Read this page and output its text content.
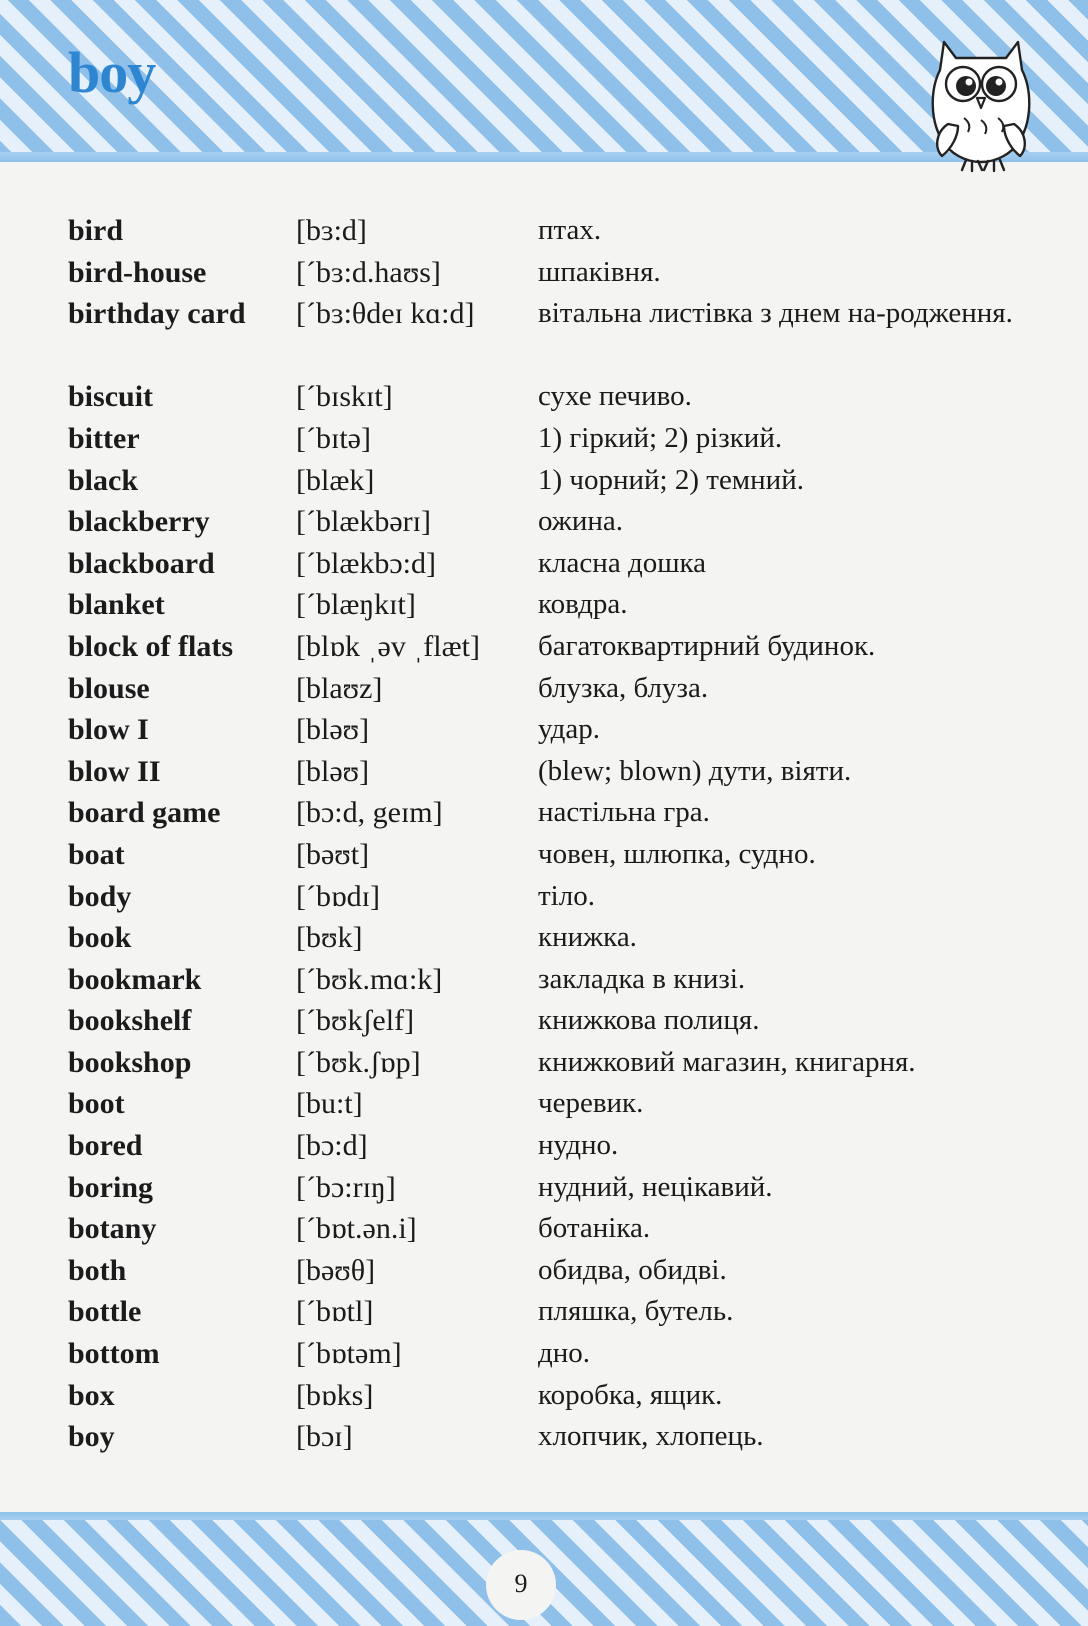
boy
bird	[bɜ:d]	птах.
bird-house	[ˊbɜ:d.haʊs]	шпаківня.
birthday card [ˊbɜ:θdeɪ kɑ:d] вітальна листівка з днем на-родження.
biscuit	[ˊbɪskɪt]	сухе печиво.
bitter	[ˊbɪtə]	1) гіркий; 2) різкий.
black	[blæk]	1) чорний; 2) темний.
blackberry	[ˊblækbərɪ]	ожина.
blackboard	[ˊblækbɔ:d]	класна дошка
blanket	[ˊblæŋkɪt]	ковдра.
block of flats [blɒk ˌəv ˌflæt] багатоквартирний будинок.
blouse	[blaʊz]	блузка, блуза.
blow I	[bləʊ]	удар.
blow II	[bləʊ]	(blew; blown) дути, віяти.
board game	[bɔ:d, geɪm]	настільна гра.
boat	[bəʊt]	човен, шлюпка, судно.
body	[ˊbɒdɪ]	тіло.
book	[bʊk]	книжка.
bookmark	[ˊbʊk.mɑ:k]	закладка в книзі.
bookshelf	[ˊbʊkʃelf]	книжкова полиця.
bookshop	[ˊbʊk.ʃɒp]	книжковий магазин, книгарня.
boot	[bu:t]	черевик.
bored	[bɔ:d]	нудно.
boring	[ˊbɔ:rɪŋ]	нудний, нецікавий.
botany	[ˊbɒt.ən.i]	ботаніка.
both	[bəʊθ]	обидва, обидві.
bottle	[ˊbɒtl]	пляшка, бутель.
bottom	[ˊbɒtəm]	дно.
box	[bɒks]	коробка, ящик.
boy	[bɔɪ]	хлопчик, хлопець.
9
